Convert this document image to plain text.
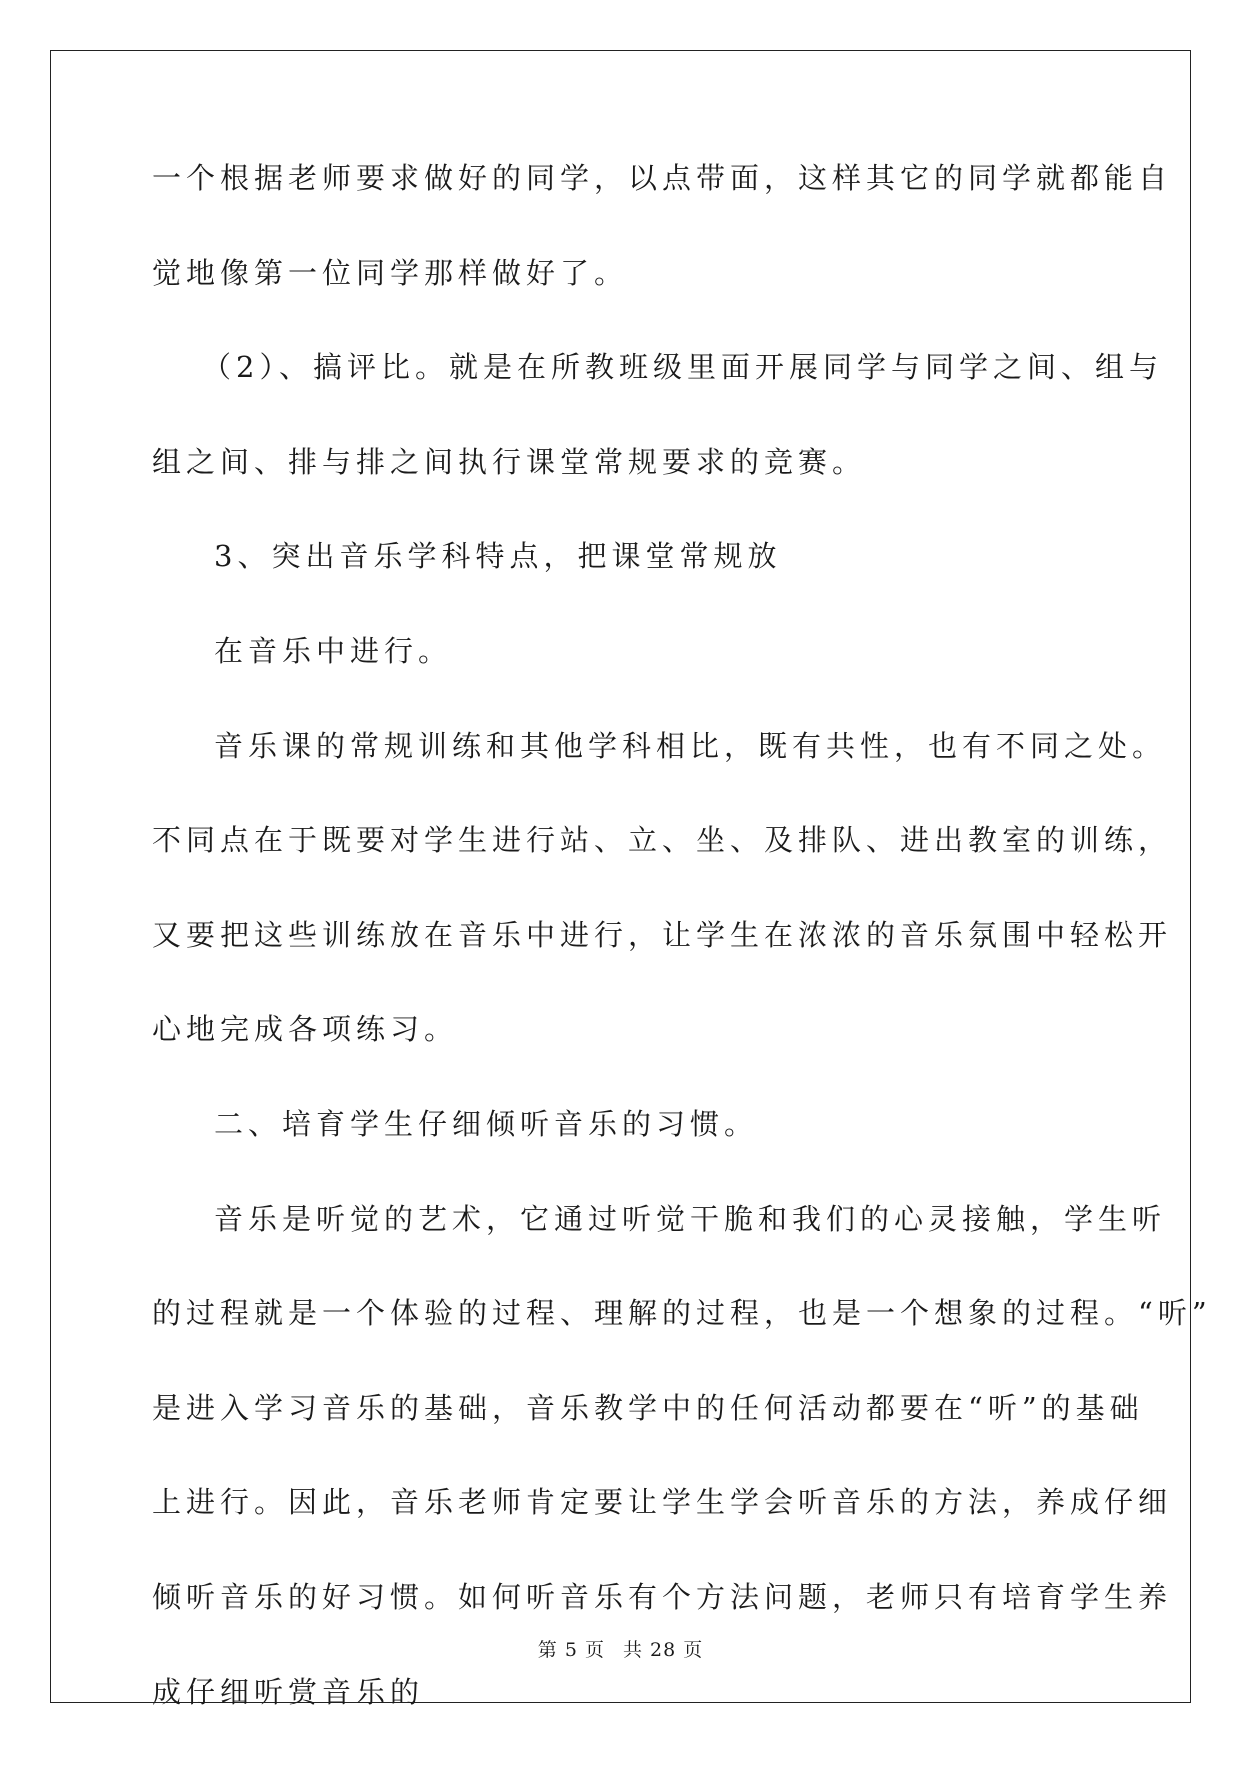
一个根据老师要求做好的同学，以点带面，这样其它的同学就都能自
觉地像第一位同学那样做好了。
（2）、搞评比。就是在所教班级里面开展同学与同学之间、组与
组之间、排与排之间执行课堂常规要求的竞赛。
3、突出音乐学科特点，把课堂常规放
在音乐中进行。
音乐课的常规训练和其他学科相比，既有共性，也有不同之处。
不同点在于既要对学生进行站、立、坐、及排队、进出教室的训练，
又要把这些训练放在音乐中进行，让学生在浓浓的音乐氛围中轻松开
心地完成各项练习。
二、培育学生仔细倾听音乐的习惯。
音乐是听觉的艺术，它通过听觉干脆和我们的心灵接触，学生听
的过程就是一个体验的过程、理解的过程，也是一个想象的过程。“听”
是进入学习音乐的基础，音乐教学中的任何活动都要在“听”的基础
上进行。因此，音乐老师肯定要让学生学会听音乐的方法，养成仔细
倾听音乐的好习惯。如何听音乐有个方法问题，老师只有培育学生养
成仔细听赏音乐的
第 5 页 共 28 页
